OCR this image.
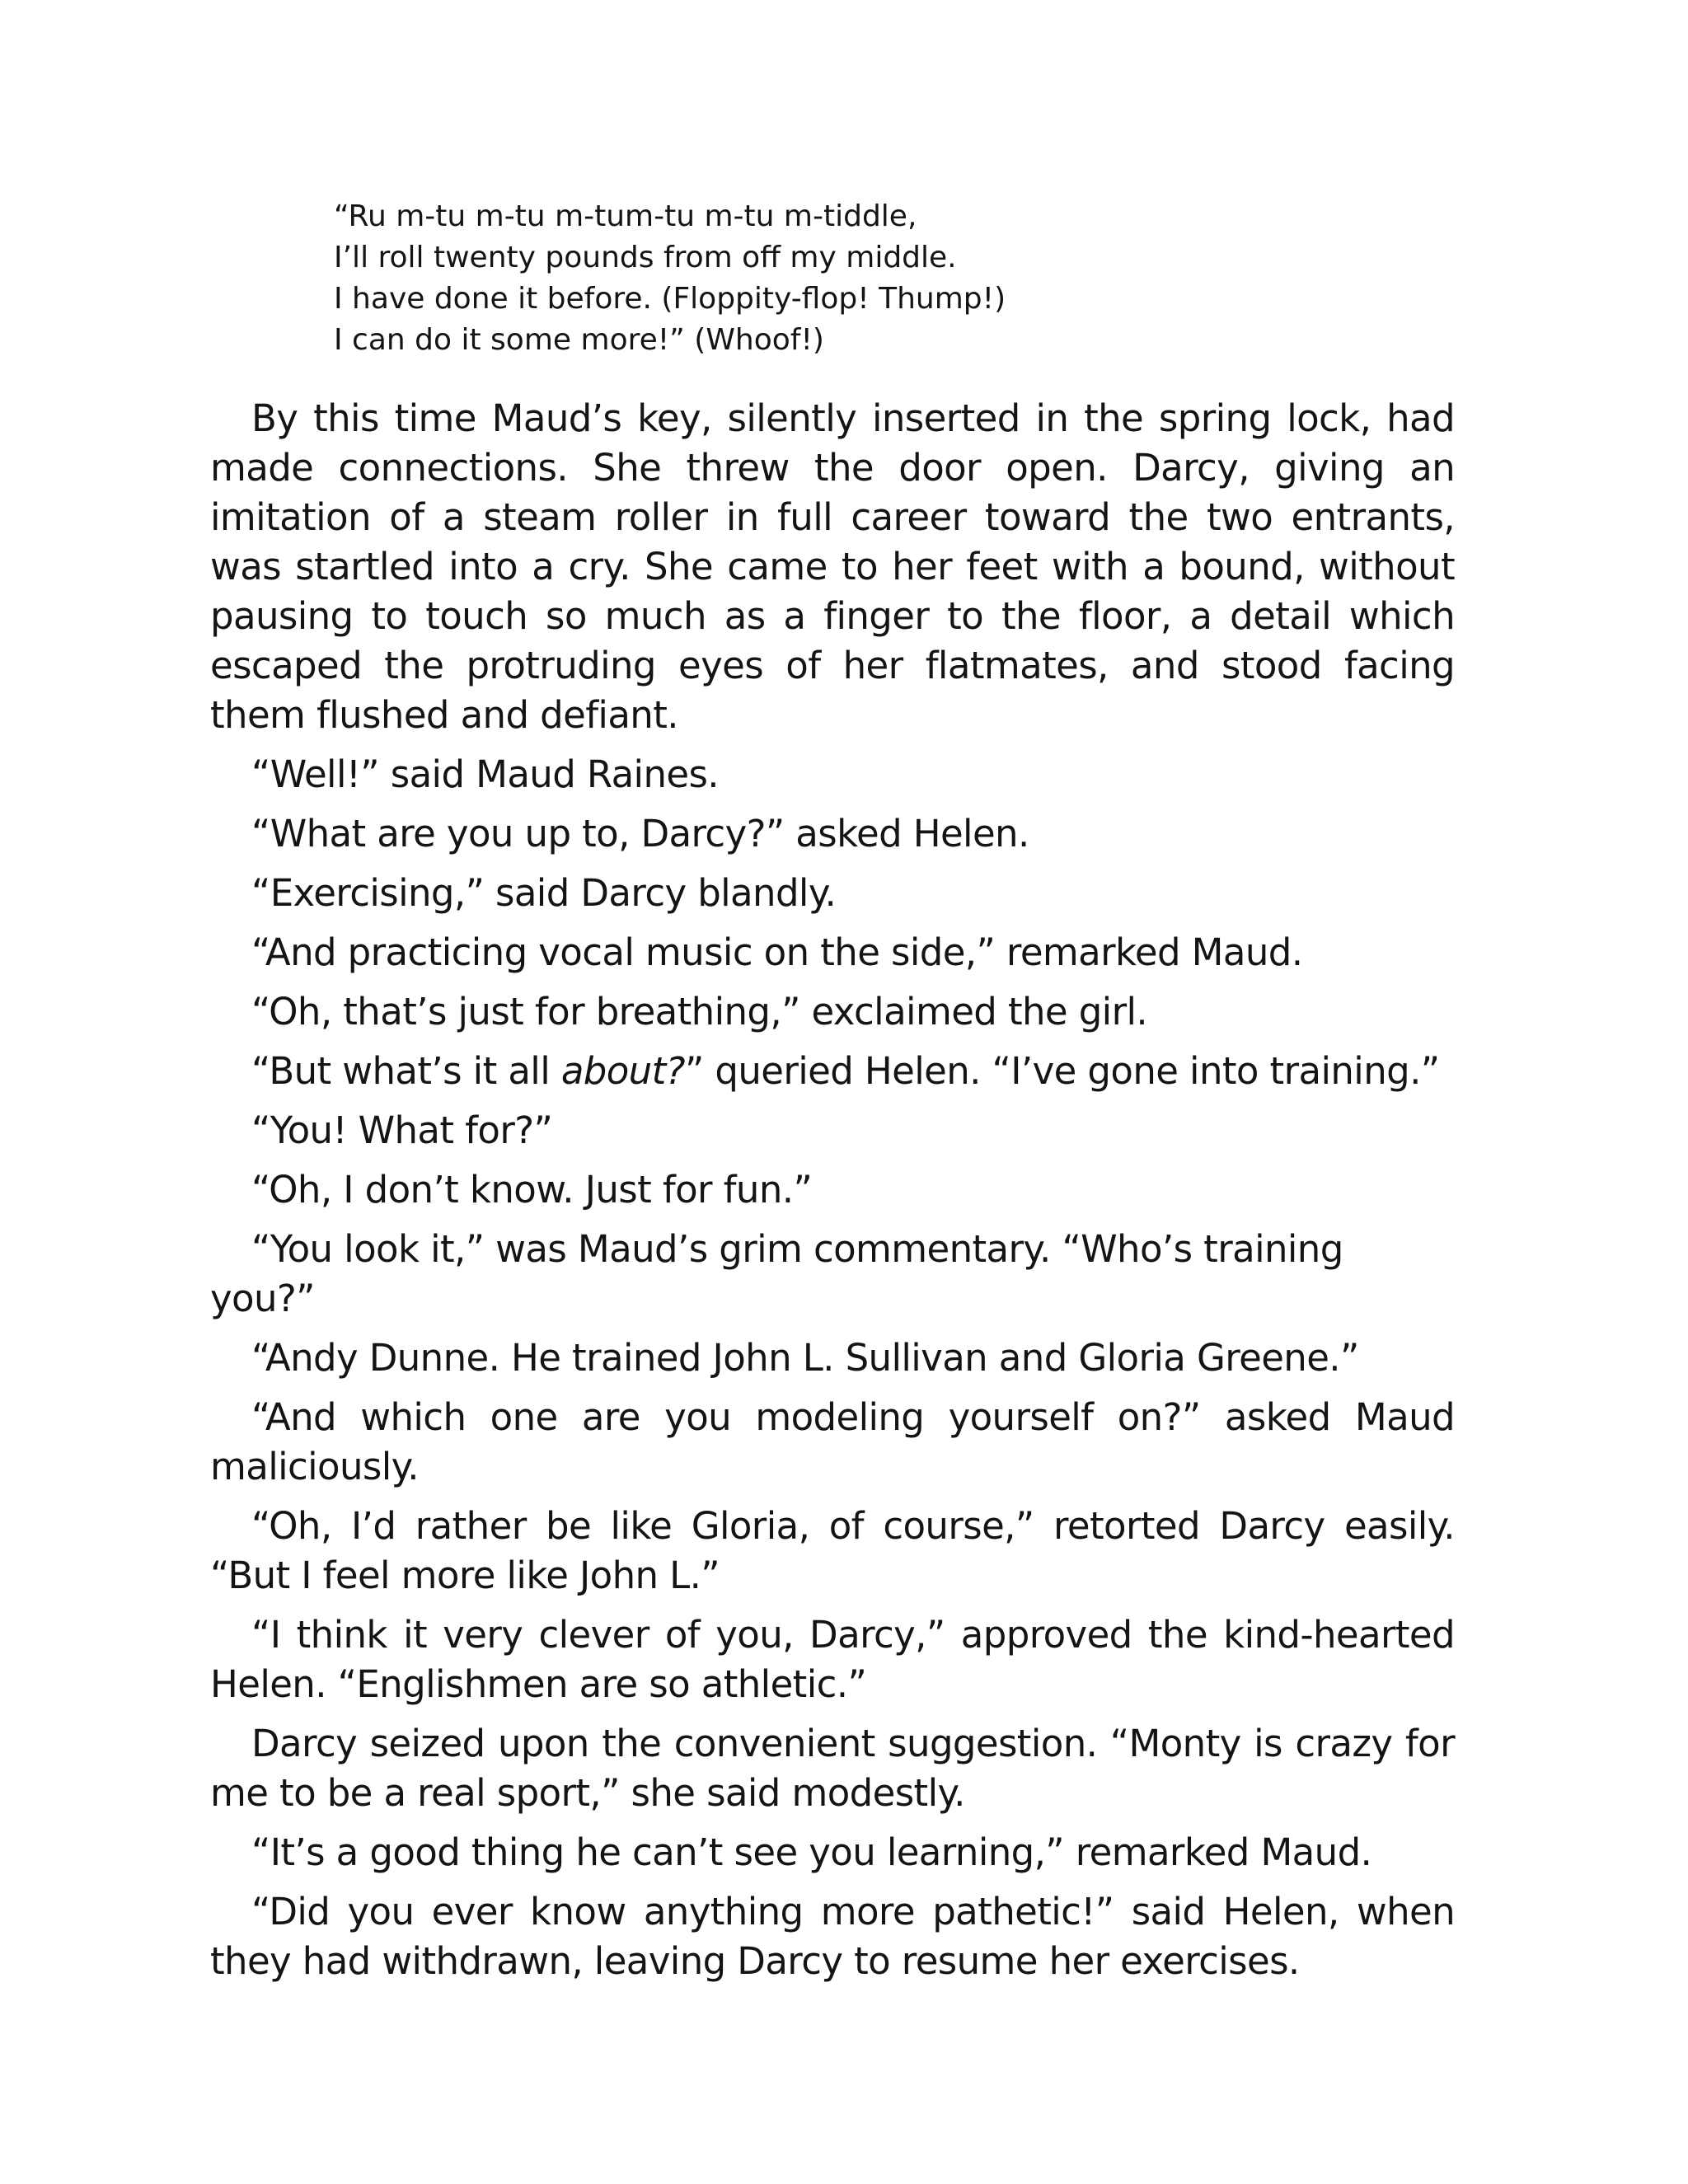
“Ru m-tu m-tu m-tum-tu m-tu m-tiddle,
I’ll roll twenty pounds from off my middle.
I have done it before. (Floppity-flop! Thump!)
I can do it some more!” (Whoof!)

By this time Maud’s key, silently inserted in the spring lock, had made connections. She threw the door open. Darcy, giving an imitation of a steam roller in full career toward the two entrants, was startled into a cry. She came to her feet with a bound, without pausing to touch so much as a finger to the floor, a detail which escaped the protruding eyes of her flatmates, and stood facing them flushed and defiant.

“Well!” said Maud Raines.

“What are you up to, Darcy?” asked Helen.

“Exercising,” said Darcy blandly.

“And practicing vocal music on the side,” remarked Maud.

“Oh, that’s just for breathing,” exclaimed the girl.

“But what’s it all about?” queried Helen. “I’ve gone into training.”

“You! What for?”

“Oh, I don’t know. Just for fun.”

“You look it,” was Maud’s grim commentary. “Who’s training you?”

“Andy Dunne. He trained John L. Sullivan and Gloria Greene.”

“And which one are you modeling yourself on?” asked Maud maliciously.

“Oh, I’d rather be like Gloria, of course,” retorted Darcy easily. “But I feel more like John L.”

“I think it very clever of you, Darcy,” approved the kind-hearted Helen. “Englishmen are so athletic.”

Darcy seized upon the convenient suggestion. “Monty is crazy for me to be a real sport,” she said modestly.

“It’s a good thing he can’t see you learning,” remarked Maud.

“Did you ever know anything more pathetic!” said Helen, when they had withdrawn, leaving Darcy to resume her exercises.
